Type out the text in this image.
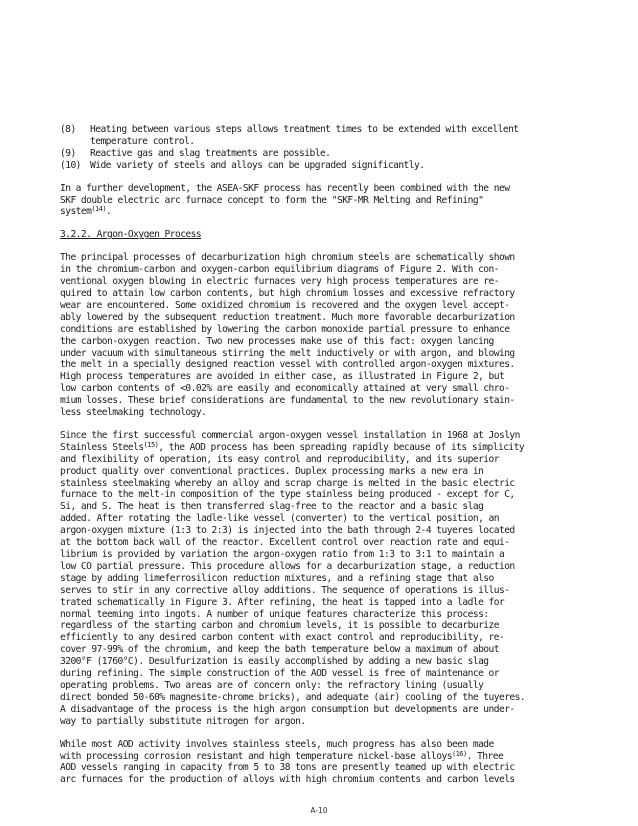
(8)	Heating between various steps allows treatment times to be extended with excellent
temperature control.
(9)	Reactive gas and slag treatments are possible.
(10) Wide variety of steels and alloys can be upgraded significantly.
In a further development, the ASEA-SKF process has recently been combined with the new
SKF double electric arc furnace concept to form the "SKF-MR Melting and Refining"
system$^{(14)}$.
3.2.2. Argon-Oxygen Process
The principal processes of decarburization high chromium steels are schematically shown
in the chromium-carbon and oxygen-carbon equilibrium diagrams of Figure 2. With con-
ventional oxygen blowing in electric furnaces very high process temperatures are re-
quired to attain low carbon contents, but high chromium losses and excessive refractory
wear are encountered. Some oxidized chromium is recovered and the oxygen level accept-
ably lowered by the subsequent reduction treatment. Much more favorable decarburization
conditions are established by lowering the carbon monoxide partial pressure to enhance
the carbon-oxygen reaction. Two new processes make use of this fact: oxygen lancing
under vacuum with simultaneous stirring the melt inductively or with argon, and blowing
the melt in a specially designed reaction vessel with controlled argon-oxygen mixtures.
High process temperatures are avoided in either case, as illustrated in Figure 2, but
low carbon contents of <0.02% are easily and economically attained at very small chro-
mium losses. These brief considerations are fundamental to the new revolutionary stain-
less steelmaking technology.
Since the first successful commercial argon-oxygen vessel installation in 1968 at Joslyn
Stainless Steels$^{(15)}$, the AOD process has been spreading rapidly because of its simplicity
and flexibility of operation, its easy control and reproducibility, and its superior
product quality over conventional practices. Duplex processing marks a new era in
stainless steelmaking whereby an alloy and scrap charge is melted in the basic electric
furnace to the melt-in composition of the type stainless being produced - except for C,
Si, and S. The heat is then transferred slag-free to the reactor and a basic slag
added. After rotating the ladle-like vessel (converter) to the vertical position, an
argon-oxygen mixture (1:3 to 2:3) is injected into the bath through 2-4 tuyeres located
at the bottom back wall of the reactor. Excellent control over reaction rate and equi-
librium is provided by variation the argon-oxygen ratio from 1:3 to 3:1 to maintain a
low CO partial pressure. This procedure allows for a decarburization stage, a reduction
stage by adding limeferrosilicon reduction mixtures, and a refining stage that also
serves to stir in any corrective alloy additions. The sequence of operations is illus-
trated schematically in Figure 3. After refining, the heat is tapped into a ladle for
normal teeming into ingots. A number of unique features characterize this process:
regardless of the starting carbon and chromium levels, it is possible to decarburize
efficiently to any desired carbon content with exact control and reproducibility, re-
cover 97-99% of the chromium, and keep the bath temperature below a maximum of about
3200°F (1760°C). Desulfurization is easily accomplished by adding a new basic slag
during refining. The simple construction of the AOD vessel is free of maintenance or
operating problems. Two areas are of concern only: the refractory lining (usually
direct bonded 50-60% magnesite-chrome bricks), and adequate (air) cooling of the tuyeres.
A disadvantage of the process is the high argon consumption but developments are under-
way to partially substitute nitrogen for argon.
While most AOD activity involves stainless steels, much progress has also been made
with processing corrosion resistant and high temperature nickel-base alloys$^{(16)}$. Three
AOD vessels ranging in capacity from 5 to 38 tons are presently teamed up with electric
arc furnaces for the production of alloys with high chromium contents and carbon levels
A-10
